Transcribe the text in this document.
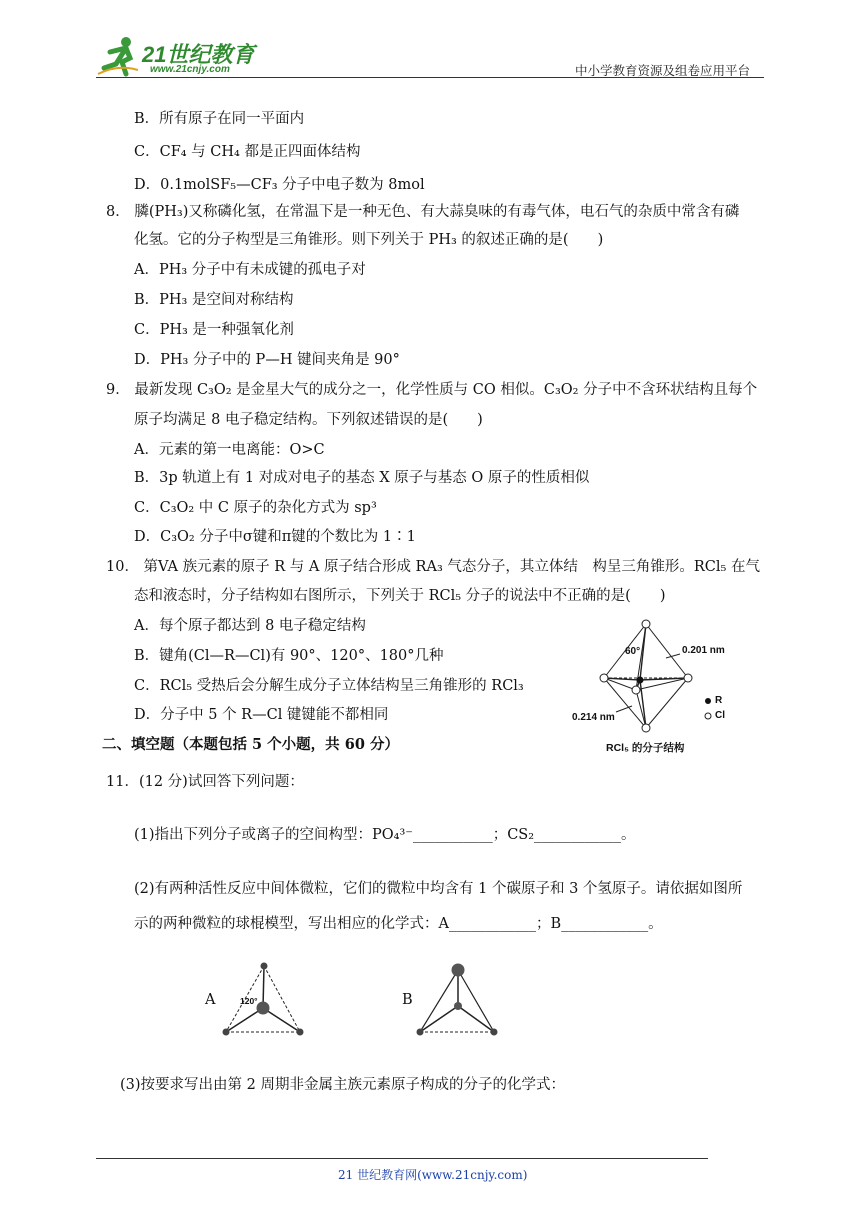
21世纪教育
www.21cnjy.com	中小学教育资源及组卷应用平台
B．所有原子在同一平面内
C．CF₄ 与 CH₄ 都是正四面体结构
D．0.1molSF₅—CF₃ 分子中电子数为 8mol
8． 膦(PH₃)又称磷化氢，在常温下是一种无色、有大蒜臭味的有毒气体，电石气的杂质中常含有磷
化氢。它的分子构型是三角锥形。则下列关于 PH₃ 的叙述正确的是(　　)
A．PH₃ 分子中有未成键的孤电子对
B．PH₃ 是空间对称结构
C．PH₃ 是一种强氧化剂
D．PH₃ 分子中的 P—H 键间夹角是 90°
9． 最新发现 C₃O₂ 是金星大气的成分之一，化学性质与 CO 相似。C₃O₂ 分子中不含环状结构且每个
原子均满足 8 电子稳定结构。下列叙述错误的是(　　)
A．元素的第一电离能：O>C
B．3p 轨道上有 1 对成对电子的基态 X 原子与基态 O 原子的性质相似
C．C₃O₂ 中 C 原子的杂化方式为 sp³
D．C₃O₂ 分子中σ键和π键的个数比为 1∶1
10． 第VA 族元素的原子 R 与 A 原子结合形成 RA₃ 气态分子，其立体结　构呈三角锥形。RCl₅ 在气
态和液态时，分子结构如右图所示，下列关于 RCl₅ 分子的说法中不正确的是(　　)
A．每个原子都达到 8 电子稳定结构
B．键角(Cl—R—Cl)有 90°、120°、180°几种
C．RCl₅ 受热后会分解生成分子立体结构呈三角锥形的 RCl₃
D．分子中 5 个 R—Cl 键键能不都相同
60°	0.201 nm
0.214 nm
R
Cl
RCl₅ 的分子结构
二、填空题（本题包括 5 个小题，共 60 分）
11．(12 分)试回答下列问题：
(1)指出下列分子或离子的空间构型：PO₄³⁻___________；CS₂____________。
(2)有两种活性反应中间体微粒，它们的微粒中均含有 1 个碳原子和 3 个氢原子。请依据如图所
示的两种微粒的球棍模型，写出相应的化学式：A____________；B____________。
A	120°	B
(3)按要求写出由第 2 周期非金属主族元素原子构成的分子的化学式：
21 世纪教育网(www.21cnjy.com)
